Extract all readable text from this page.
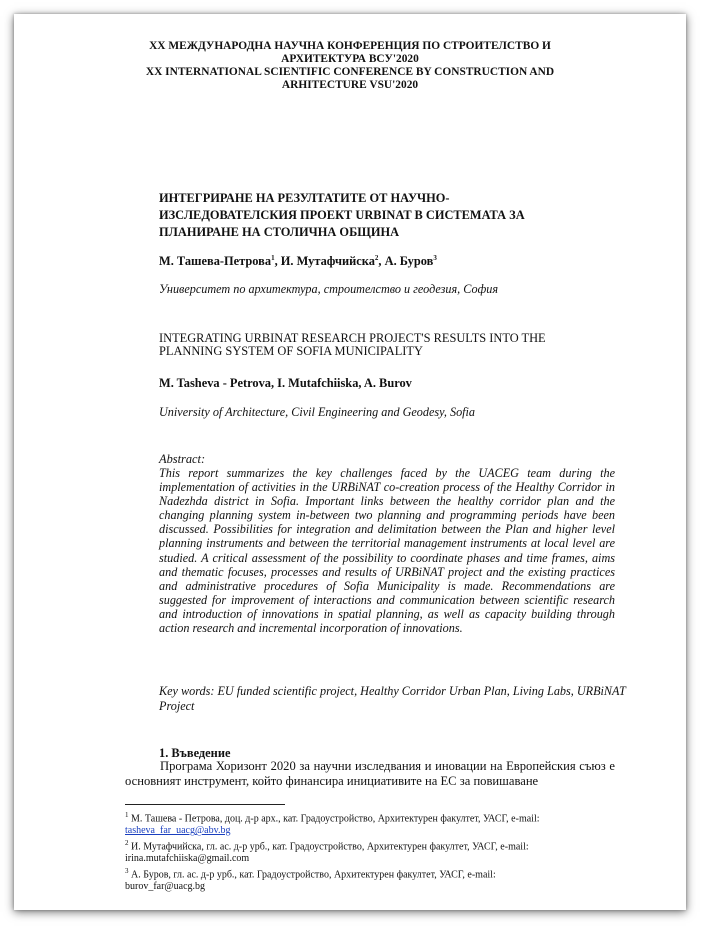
XX МЕЖДУНАРОДНА НАУЧНА КОНФЕРЕНЦИЯ ПО СТРОИТЕЛСТВО И
АРХИТЕКТУРА ВСУ'2020
XX INTERNATIONAL SCIENTIFIC CONFERENCE BY CONSTRUCTION AND
ARHITECTURE VSU'2020
ИНТЕГРИРАНЕ НА РЕЗУЛТАТИТЕ ОТ НАУЧНО-
ИЗСЛЕДОВАТЕЛСКИЯ ПРОЕКТ URBINAT В СИСТЕМАТА ЗА
ПЛАНИРАНЕ НА СТОЛИЧНА ОБЩИНА
М. Ташева-Петрова$^1$, И. Мутафчийска$^2$, А. Буров$^3$
Университет по архитектура, строителство и геодезия, София
INTEGRATING URBINAT RESEARCH PROJECT'S RESULTS INTO THE
PLANNING SYSTEM OF SOFIA MUNICIPALITY
M. Tasheva - Petrova, I. Mutafchiiska, A. Burov
University of Architecture, Civil Engineering and Geodesy, Sofia
Abstract:
This report summarizes the key challenges faced by the UACEG team during the implementation of activities in the URBiNAT co-creation process of the Healthy Corridor in Nadezhda district in Sofia. Important links between the healthy corridor plan and the changing planning system in-between two planning and programming periods have been discussed. Possibilities for integration and delimitation between the Plan and higher level planning instruments and between the territorial management instruments at local level are studied. A critical assessment of the possibility to coordinate phases and time frames, aims and thematic focuses, processes and results of URBiNAT project and the existing practices and administrative procedures of Sofia Municipality is made. Recommendations are suggested for improvement of interactions and communication between scientific research and introduction of innovations in spatial planning, as well as capacity building through action research and incremental incorporation of innovations.
Key words: EU funded scientific project, Healthy Corridor Urban Plan, Living Labs, URBiNAT Project
1. Въведение
Програма Хоризонт 2020 за научни изследвания и иновации на Европейския съюз е основният инструмент, който финансира инициативите на ЕС за повишаване
$^1$ М. Ташева - Петрова, доц. д-р арх., кат. Градоустройство, Архитектурен факултет, УАСГ, e-mail:
tasheva_far_uacg@abv.bg
$^2$ И. Мутафчийска, гл. ас. д-р урб., кат. Градоустройство, Архитектурен факултет, УАСГ, e-mail:
irina.mutafchiiska@gmail.com
$^3$ А. Буров, гл. ас. д-р урб., кат. Градоустройство, Архитектурен факултет, УАСГ, e-mail:
burov_far@uacg.bg
